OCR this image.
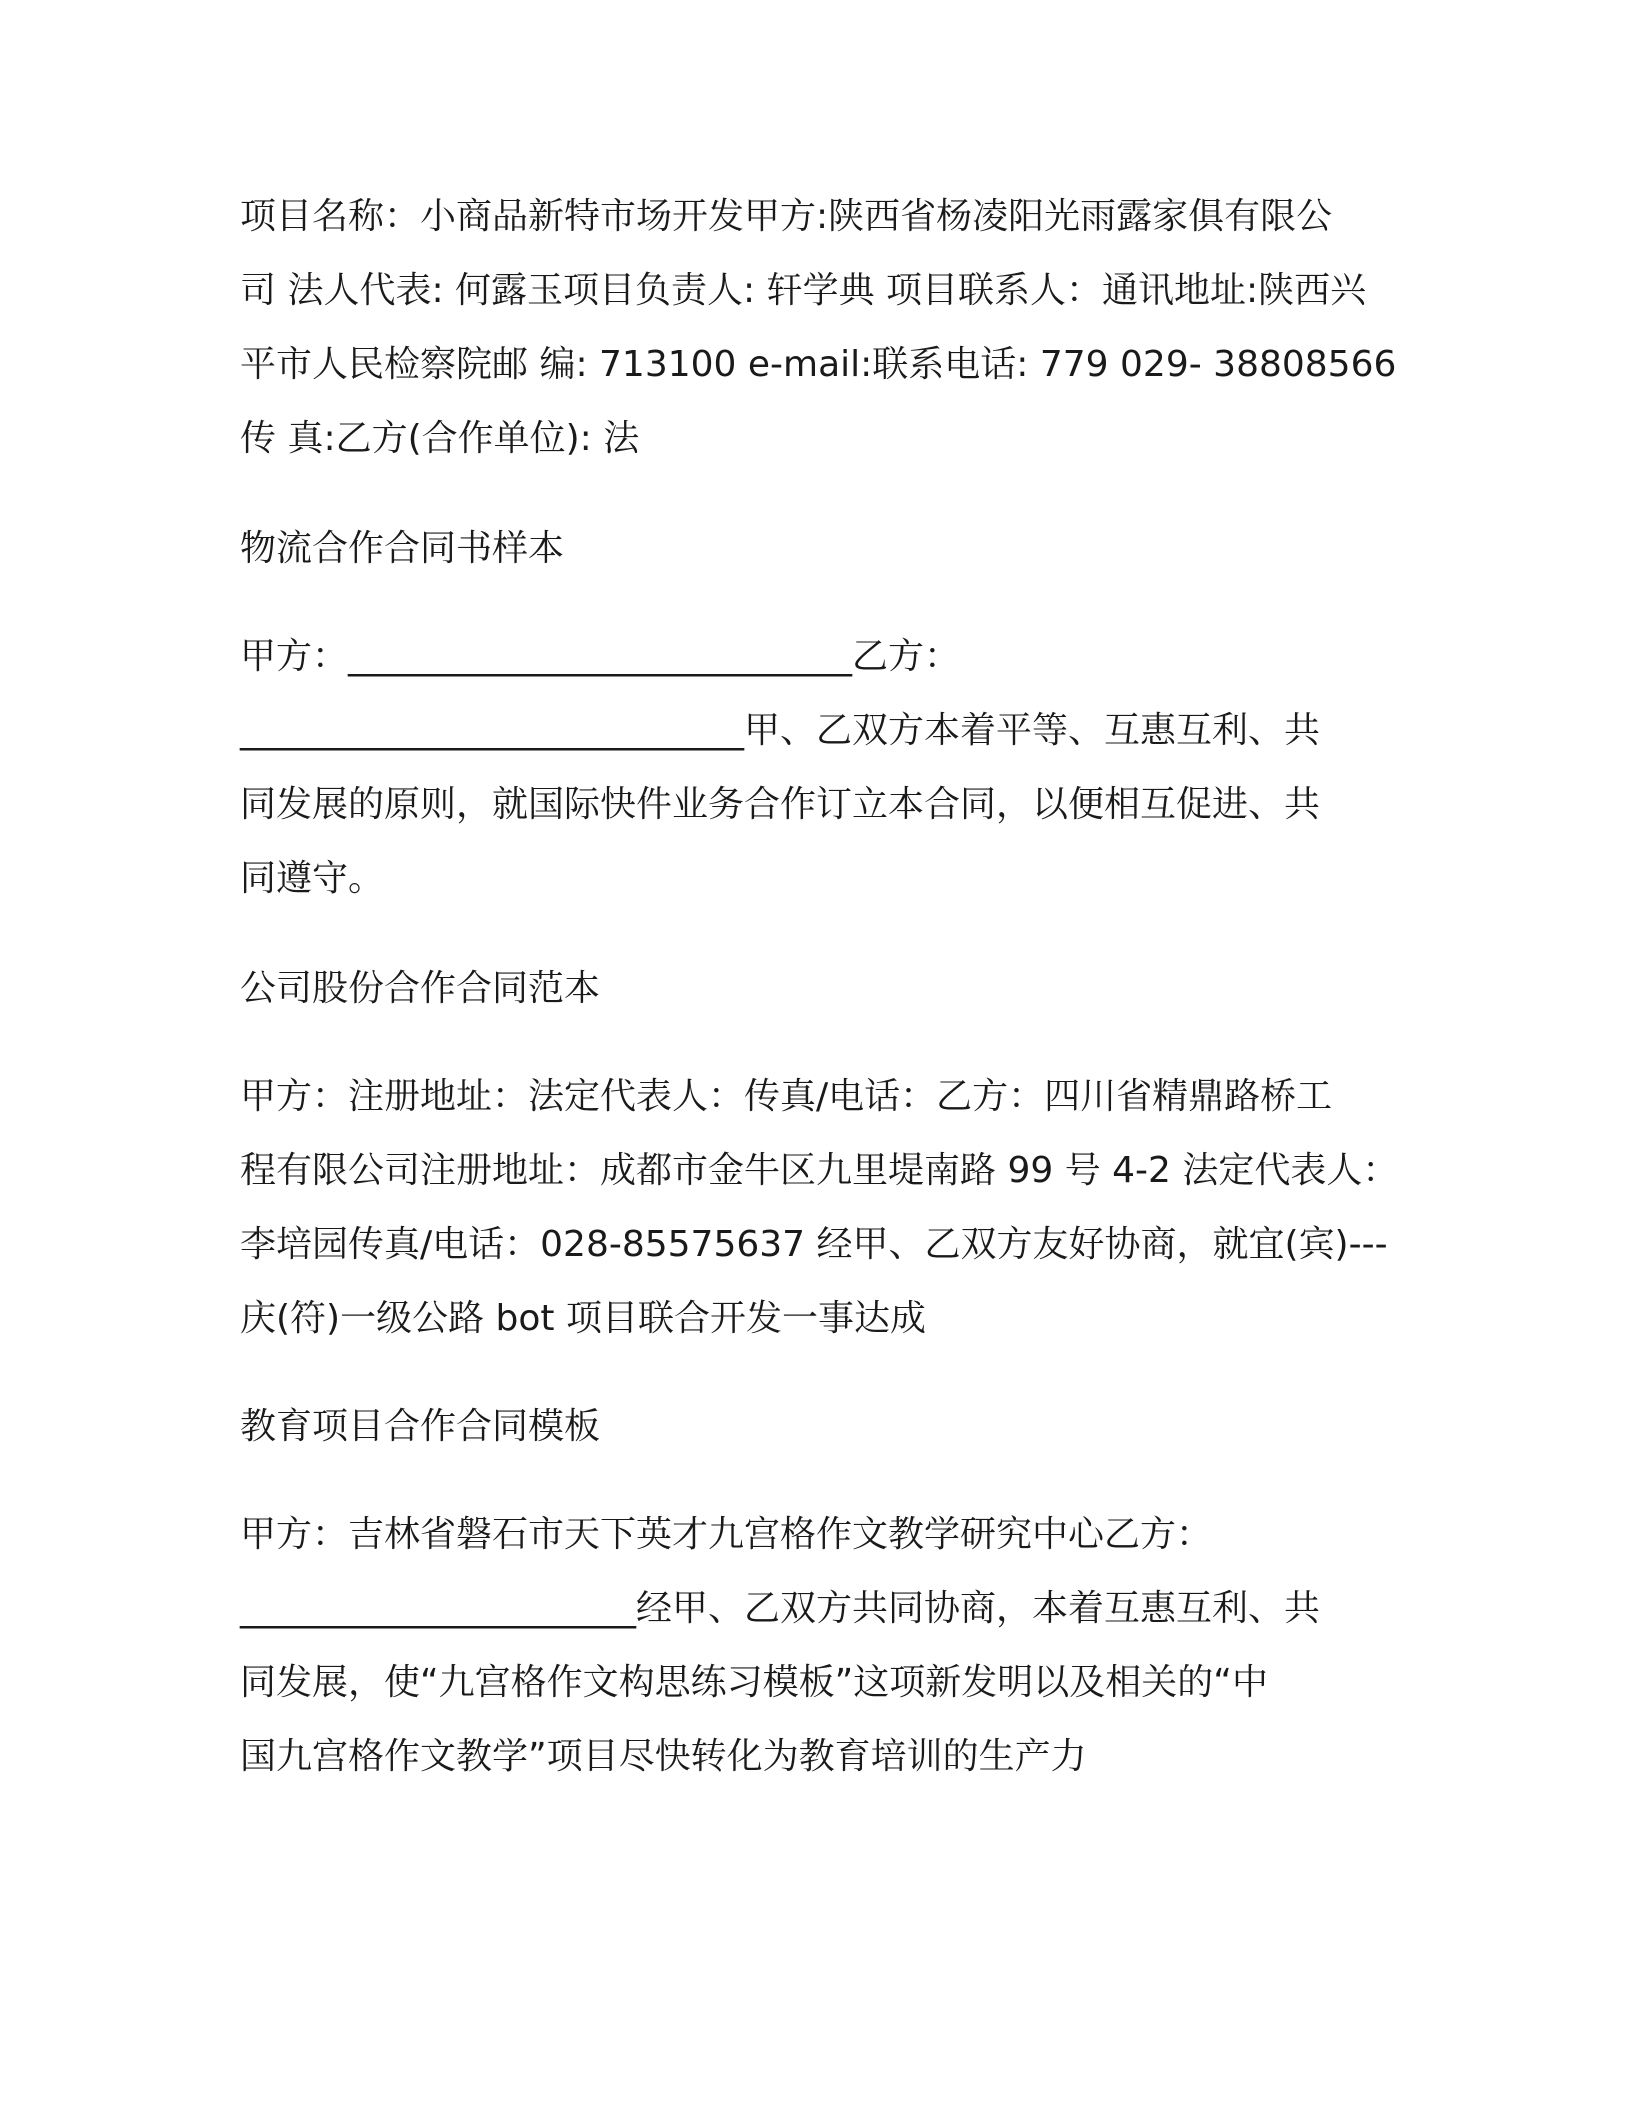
项目名称：小商品新特市场开发甲方:陕西省杨凌阳光雨露家俱有限公
司 法人代表: 何露玉项目负责人: 轩学典 项目联系人：通讯地址:陕西兴
平市人民检察院邮 编: 713100 e-mail:联系电话: 779 029- 38808566
传 真:乙方(合作单位): 法
物流合作合同书样本
甲方：____________________________乙方：
____________________________甲、乙双方本着平等、互惠互利、共
同发展的原则，就国际快件业务合作订立本合同，以便相互促进、共
同遵守。
公司股份合作合同范本
甲方：注册地址：法定代表人：传真/电话：乙方：四川省精鼎路桥工
程有限公司注册地址：成都市金牛区九里堤南路 99 号 4-2 法定代表人：
李培园传真/电话：028-85575637 经甲、乙双方友好协商，就宜(宾)---
庆(符)一级公路 bot 项目联合开发一事达成
教育项目合作合同模板
甲方：吉林省磐石市天下英才九宫格作文教学研究中心乙方：
______________________经甲、乙双方共同协商，本着互惠互利、共
同发展，使“九宫格作文构思练习模板”这项新发明以及相关的“中
国九宫格作文教学”项目尽快转化为教育培训的生产力
